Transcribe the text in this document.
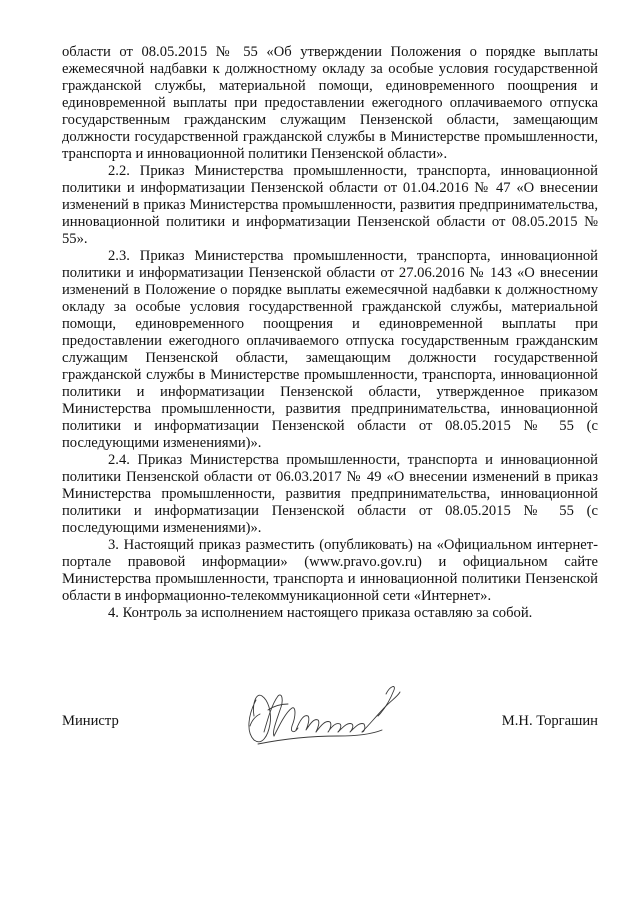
области от 08.05.2015 № 55 «Об утверждении Положения о порядке выплаты ежемесячной надбавки к должностному окладу за особые условия государственной гражданской службы, материальной помощи, единовременного поощрения и единовременной выплаты при предоставлении ежегодного оплачиваемого отпуска государственным гражданским служащим Пензенской области, замещающим должности государственной гражданской службы в Министерстве промышленности, транспорта и инновационной политики Пензенской области».

2.2. Приказ Министерства промышленности, транспорта, инновационной политики и информатизации Пензенской области от 01.04.2016 № 47 «О внесении изменений в приказ Министерства промышленности, развития предпринимательства, инновационной политики и информатизации Пензенской области от 08.05.2015 № 55».

2.3. Приказ Министерства промышленности, транспорта, инновационной политики и информатизации Пензенской области от 27.06.2016 № 143 «О внесении изменений в Положение о порядке выплаты ежемесячной надбавки к должностному окладу за особые условия государственной гражданской службы, материальной помощи, единовременного поощрения и единовременной выплаты при предоставлении ежегодного оплачиваемого отпуска государственным гражданским служащим Пензенской области, замещающим должности государственной гражданской службы в Министерстве промышленности, транспорта, инновационной политики и информатизации Пензенской области, утвержденное приказом Министерства промышленности, развития предпринимательства, инновационной политики и информатизации Пензенской области от 08.05.2015 № 55 (с последующими изменениями)».

2.4. Приказ Министерства промышленности, транспорта и инновационной политики Пензенской области от 06.03.2017 № 49 «О внесении изменений в приказ Министерства промышленности, развития предпринимательства, инновационной политики и информатизации Пензенской области от 08.05.2015 № 55 (с последующими изменениями)».

3. Настоящий приказ разместить (опубликовать) на «Официальном интернет-портале правовой информации» (www.pravo.gov.ru) и официальном сайте Министерства промышленности, транспорта и инновационной политики Пензенской области в информационно-телекоммуникационной сети «Интернет».

4. Контроль за исполнением настоящего приказа оставляю за собой.

Министр	М.Н. Торгашин
